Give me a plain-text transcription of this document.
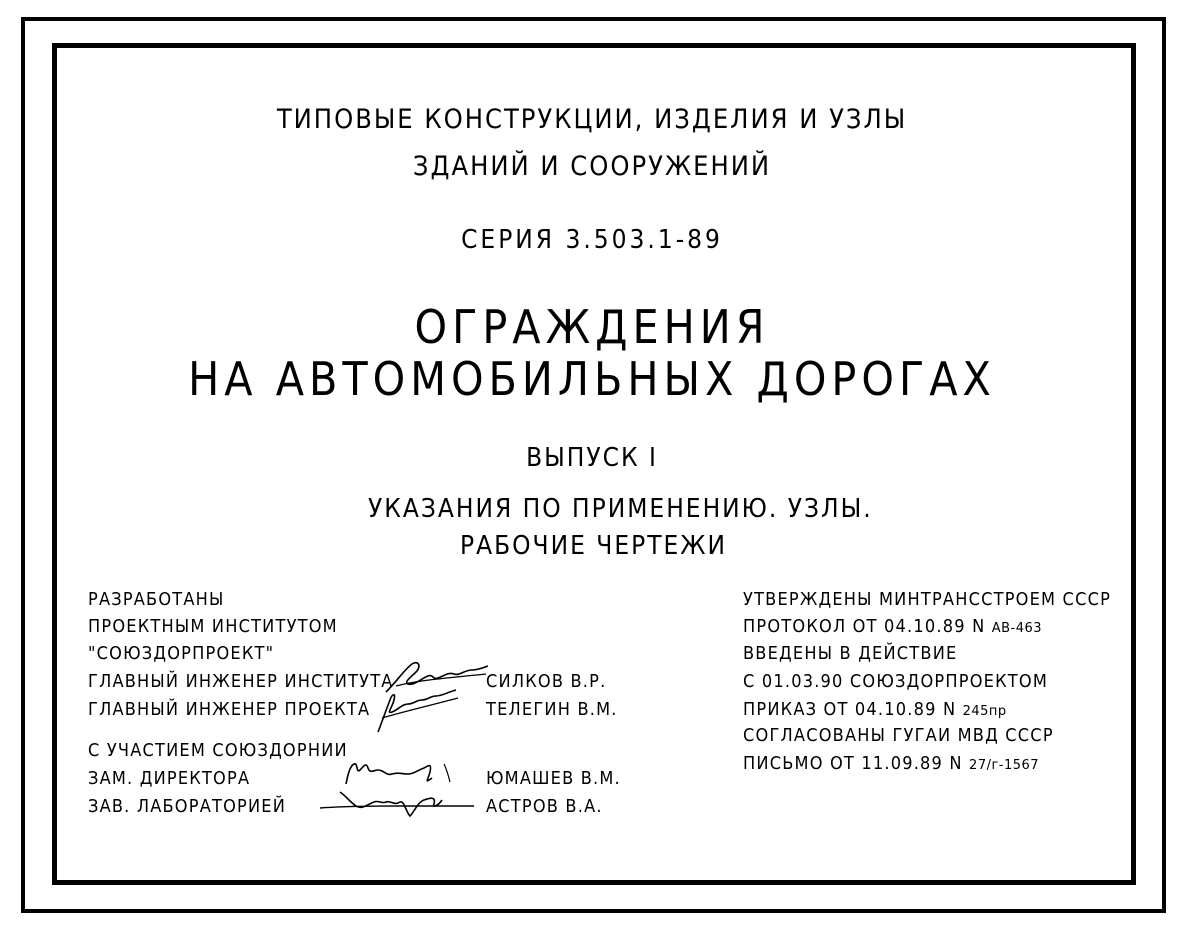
ТИПОВЫЕ КОНСТРУКЦИИ, ИЗДЕЛИЯ И УЗЛЫ
ЗДАНИЙ И СООРУЖЕНИЙ
СЕРИЯ 3.503.1-89
ОГРАЖДЕНИЯ
НА АВТОМОБИЛЬНЫХ ДОРОГАХ
ВЫПУСК I
УКАЗАНИЯ ПО ПРИМЕНЕНИЮ. УЗЛЫ.
РАБОЧИЕ ЧЕРТЕЖИ
РАЗРАБОТАНЫ
ПРОЕКТНЫМ ИНСТИТУТОМ
"СОЮЗДОРПРОЕКТ"
ГЛАВНЫЙ ИНЖЕНЕР ИНСТИТУТА	СИЛКОВ В.Р.
ГЛАВНЫЙ ИНЖЕНЕР ПРОЕКТА	ТЕЛЕГИН В.М.
С УЧАСТИЕМ СОЮЗДОРНИИ
ЗАМ. ДИРЕКТОРА	ЮМАШЕВ В.М.
ЗАВ. ЛАБОРАТОРИЕЙ	АСТРОВ В.А.
УТВЕРЖДЕНЫ МИНТРАНССТРОЕМ СССР
ПРОТОКОЛ ОТ 04.10.89 N АВ-463
ВВЕДЕНЫ В ДЕЙСТВИЕ
С 01.03.90 СОЮЗДОРПРОЕКТОМ
ПРИКАЗ ОТ 04.10.89 N 245пр
СОГЛАСОВАНЫ ГУГАИ МВД СССР
ПИСЬМО ОТ 11.09.89 N 27/г-1567
